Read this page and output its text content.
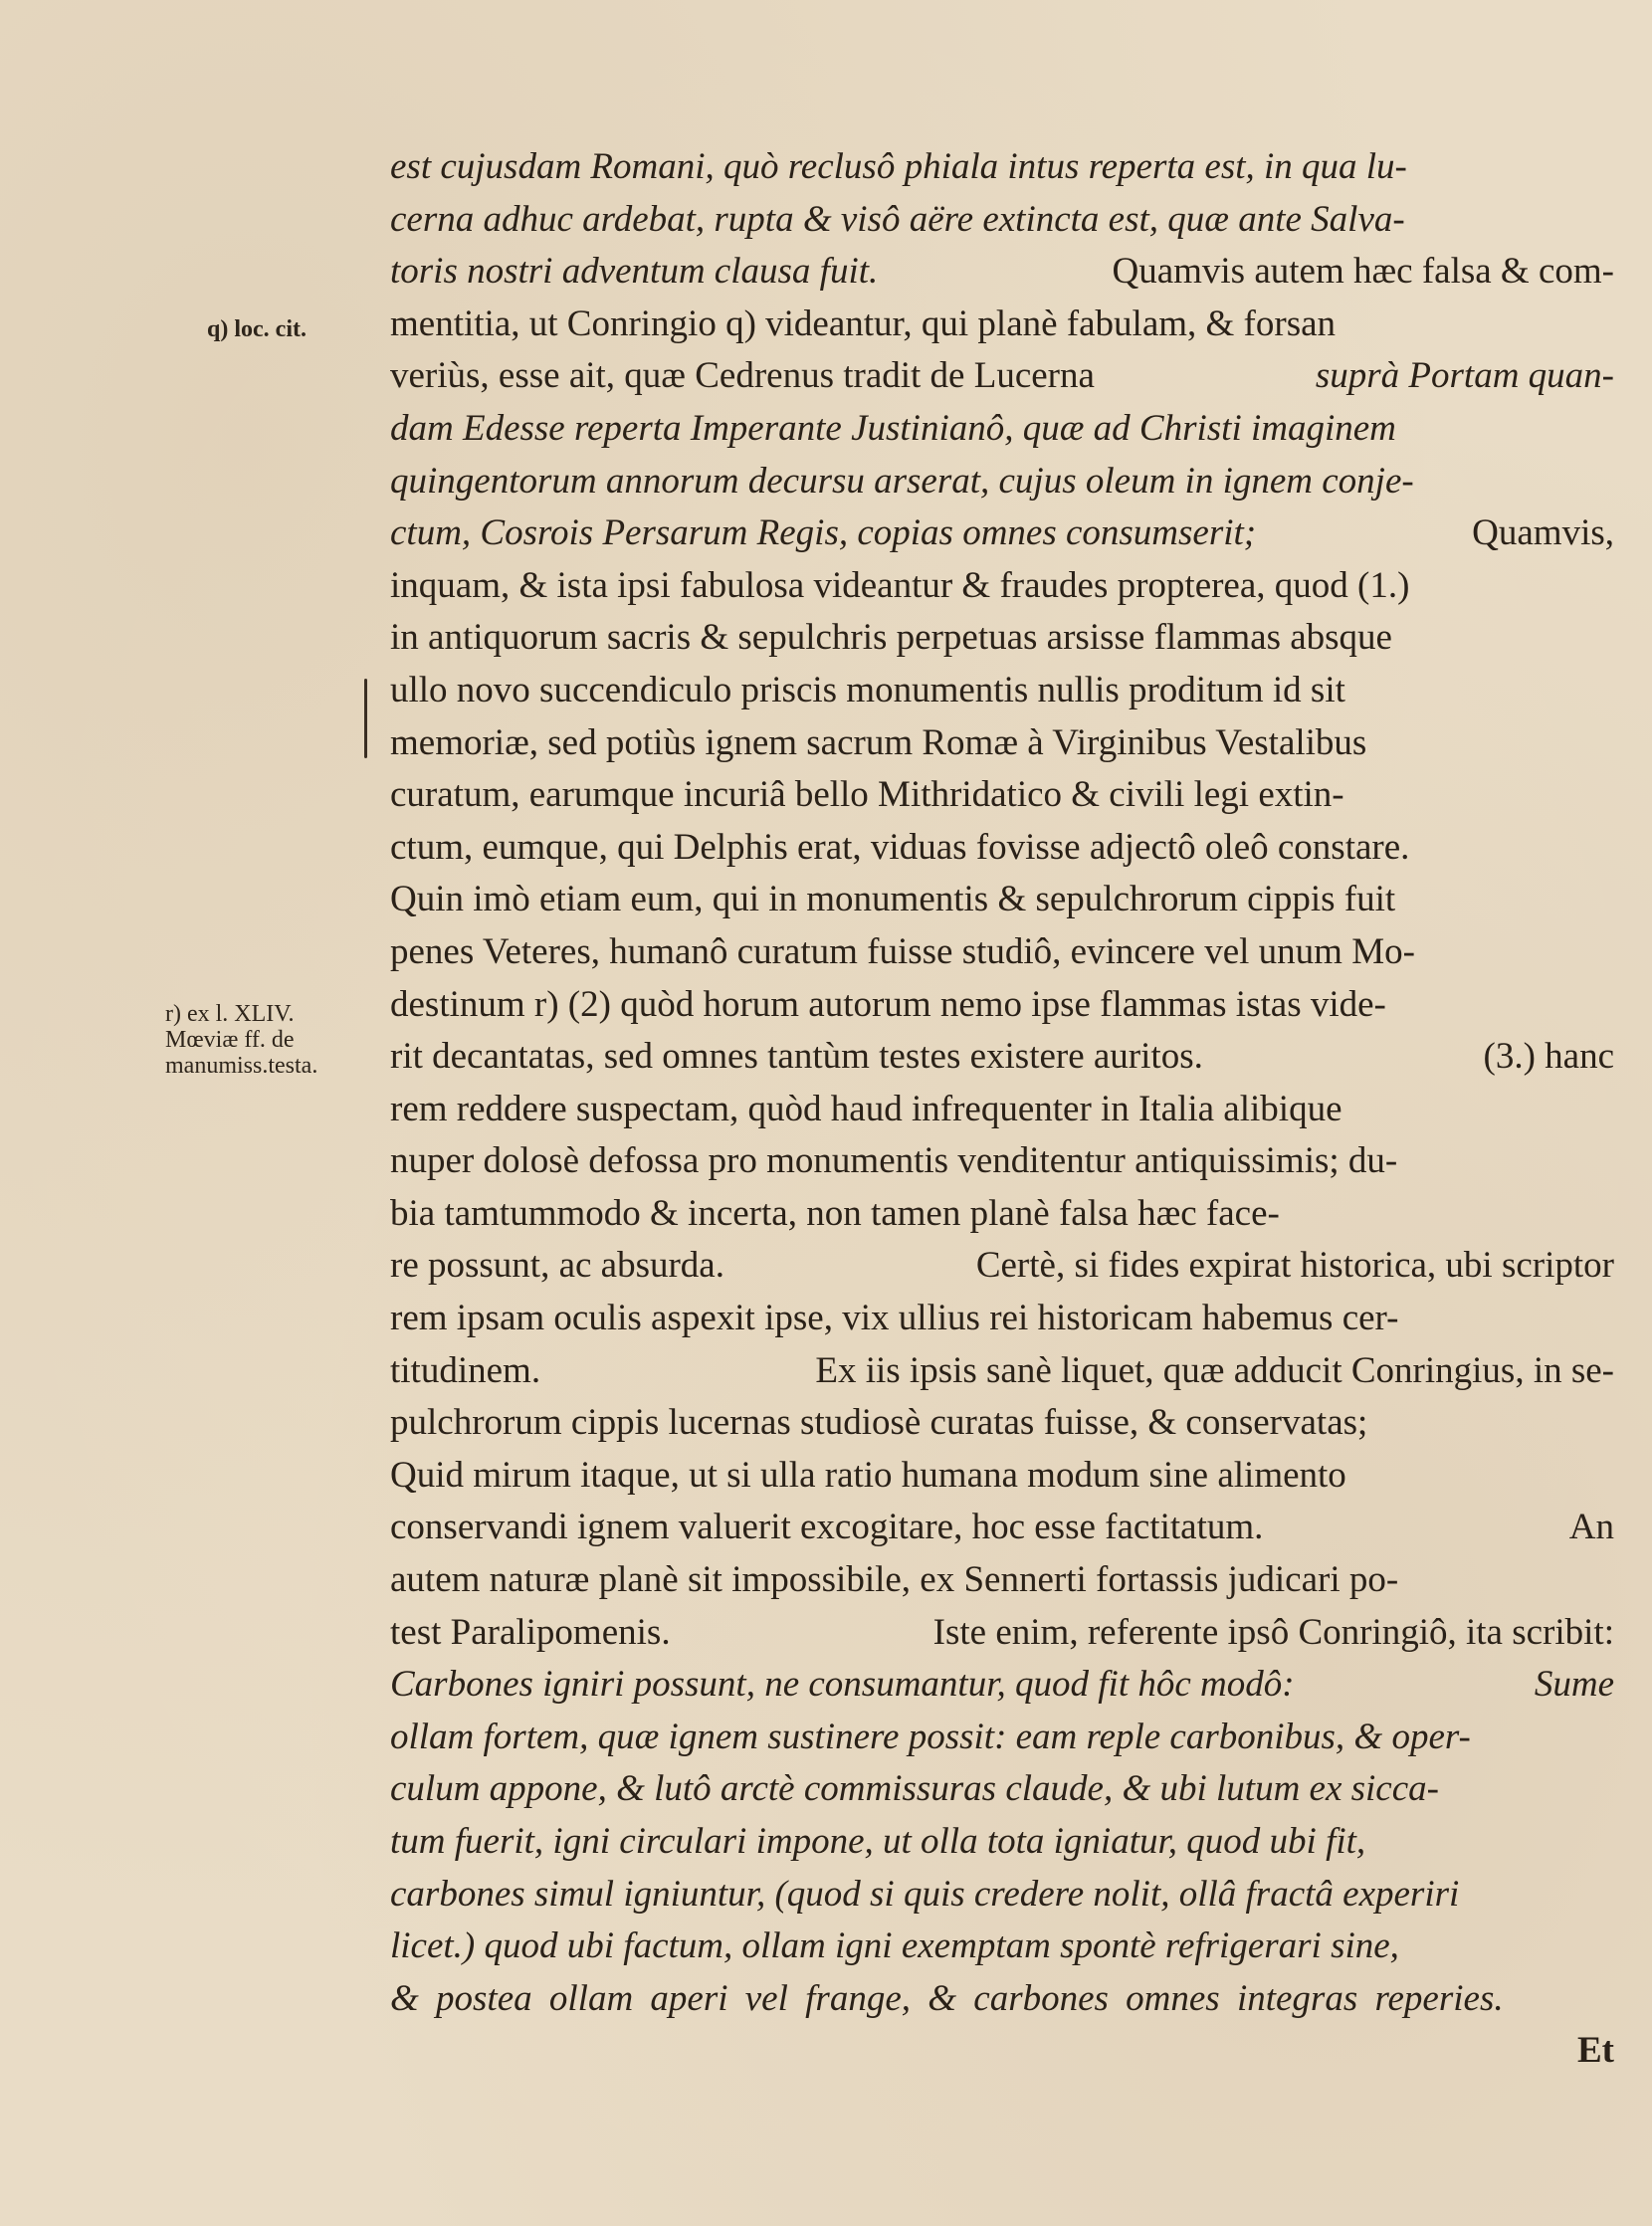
q) loc. cit.
r) ex l. XLIV.
Mœviæ ff. de
manumiss.testa.
est cujusdam Romani, quò reclusô phiala intus reperta est, in qua lu-
cerna adhuc ardebat, rupta & visô aëre extincta est, quæ ante Salva-
toris nostri adventum clausa fuit.	Quamvis autem hæc falsa & com-
mentitia, ut Conringio q) videantur, qui planè fabulam, & forsan
veriùs, esse ait, quæ Cedrenus tradit de Lucerna	suprà Portam quan-
dam Edesse reperta Imperante Justinianô, quæ ad Christi imaginem
quingentorum annorum decursu arserat, cujus oleum in ignem conje-
ctum, Cosrois Persarum Regis, copias omnes consumserit;	Quamvis,
inquam, & ista ipsi fabulosa videantur & fraudes propterea, quod (1.)
in antiquorum sacris & sepulchris perpetuas arsisse flammas absque
ullo novo succendiculo priscis monumentis nullis proditum id sit
memoriæ, sed potiùs ignem sacrum Romæ à Virginibus Vestalibus
curatum, earumque incuriâ bello Mithridatico & civili legi extin-
ctum, eumque, qui Delphis erat, viduas fovisse adjectô oleô constare.
Quin imò etiam eum, qui in monumentis & sepulchrorum cippis fuit
penes Veteres, humanô curatum fuisse studiô, evincere vel unum Mo-
destinum r) (2) quòd horum autorum nemo ipse flammas istas vide-
rit decantatas, sed omnes tantùm testes existere auritos.	(3.) hanc
rem reddere suspectam, quòd haud infrequenter in Italia alibique
nuper dolosè defossa pro monumentis venditentur antiquissimis; du-
bia tamtummodo & incerta, non tamen planè falsa hæc face-
re possunt, ac absurda.	Certè, si fides expirat historica, ubi scriptor
rem ipsam oculis aspexit ipse, vix ullius rei historicam habemus cer-
titudinem.	Ex iis ipsis sanè liquet, quæ adducit Conringius, in se-
pulchrorum cippis lucernas studiosè curatas fuisse, & conservatas;
Quid mirum itaque, ut si ulla ratio humana modum sine alimento
conservandi ignem valuerit excogitare, hoc esse factitatum.	An
autem naturæ planè sit impossibile, ex Sennerti fortassis judicari po-
test Paralipomenis.	Iste enim, referente ipsô Conringiô, ita scribit:
Carbones igniri possunt, ne consumantur, quod fit hôc modô:	Sume
ollam fortem, quæ ignem sustinere possit: eam reple carbonibus, & oper-
culum appone, & lutô arctè commissuras claude, & ubi lutum ex sicca-
tum fuerit, igni circulari impone, ut olla tota igniatur, quod ubi fit,
carbones simul igniuntur, (quod si quis credere nolit, ollâ fractâ experiri
licet.) quod ubi factum, ollam igni exemptam spontè refrigerari sine,
& postea ollam aperi vel frange, & carbones omnes integras reperies.
Et
